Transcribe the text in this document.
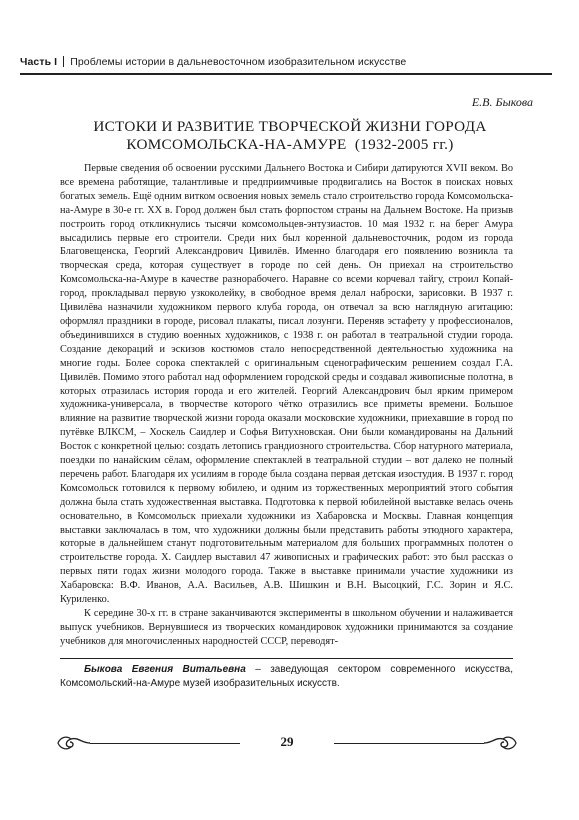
Часть I Проблемы истории в дальневосточном изобразительном искусстве
Е.В. Быкова
ИСТОКИ И РАЗВИТИЕ ТВОРЧЕСКОЙ ЖИЗНИ ГОРОДА
КОМСОМОЛЬСКА-НА-АМУРЕ (1932-2005 гг.)

Первые сведения об освоении русскими Дальнего Востока и Сибири датируются XVII веком. Во все времена работящие, талантливые и предприимчивые продвигались на Восток в поисках новых богатых земель. Ещё одним витком освоения новых земель стало строительство города Комсомольска-на-Амуре в 30-е гг. XX в. Город должен был стать форпостом страны на Дальнем Востоке. На призыв построить город откликнулись тысячи комсомольцев-энтузиастов. 10 мая 1932 г. на берег Амура высадились первые его строители. Среди них был коренной дальневосточник, родом из города Благовещенска, Георгий Александрович Цивилёв. Именно благодаря его появлению возникла та творческая среда, которая существует в городе по сей день. Он приехал на строительство Комсомольска-на-Амуре в качестве разнорабочего. Наравне со всеми корчевал тайгу, строил Копай-город, прокладывал первую узкоколейку, в свободное время делал наброски, зарисовки. В 1937 г. Цивилёва назначили художником первого клуба города, он отвечал за всю наглядную агитацию: оформлял праздники в городе, рисовал плакаты, писал лозунги. Переняв эстафету у профессионалов, объединившихся в студию военных художников, с 1938 г. он работал в театральной студии города. Создание декораций и эскизов костюмов стало непосредственной деятельностью художника на многие годы. Более сорока спектаклей с оригинальным сценографическим решением создал Г.А. Цивилёв. Помимо этого работал над оформлением городской среды и создавал живописные полотна, в которых отразилась история города и его жителей. Георгий Александрович был ярким примером художника-универсала, в творчестве которого чётко отразились все приметы времени. Большое влияние на развитие творческой жизни города оказали московские художники, приехавшие в город по путёвке ВЛКСМ, – Хоскель Саидлер и Софья Витухновская. Они были командированы на Дальний Восток с конкретной целью: создать летопись грандиозного строительства. Сбор натурного материала, поездки по нанайским сёлам, оформление спектаклей в театральной студии – вот далеко не полный перечень работ. Благодаря их усилиям в городе была создана первая детская изостудия. В 1937 г. город Комсомольск готовился к первому юбилею, и одним из торжественных мероприятий этого события должна была стать художественная выставка. Подготовка к первой юбилейной выставке велась очень основательно, в Комсомольск приехали художники из Хабаровска и Москвы. Главная концепция выставки заключалась в том, что художники должны были представить работы этюдного характера, которые в дальнейшем станут подготовительным материалом для больших программных полотен о строительстве города. Х. Саидлер выставил 47 живописных и графических работ: это был рассказ о первых пяти годах жизни молодого города. Также в выставке принимали участие художники из Хабаровска: В.Ф. Иванов, А.А. Васильев, А.В. Шишкин и В.Н. Высоцкий, Г.С. Зорин и Я.С. Куриленко.

К середине 30-х гг. в стране заканчиваются эксперименты в школьном обучении и налаживается выпуск учебников. Вернувшиеся из творческих командировок художники принимаются за создание учебников для многочисленных народностей СССР, переводят-

Быкова Евгения Витальевна – заведующая сектором современного искусства, Комсомольский-на-Амуре музей изобразительных искусств.
29
